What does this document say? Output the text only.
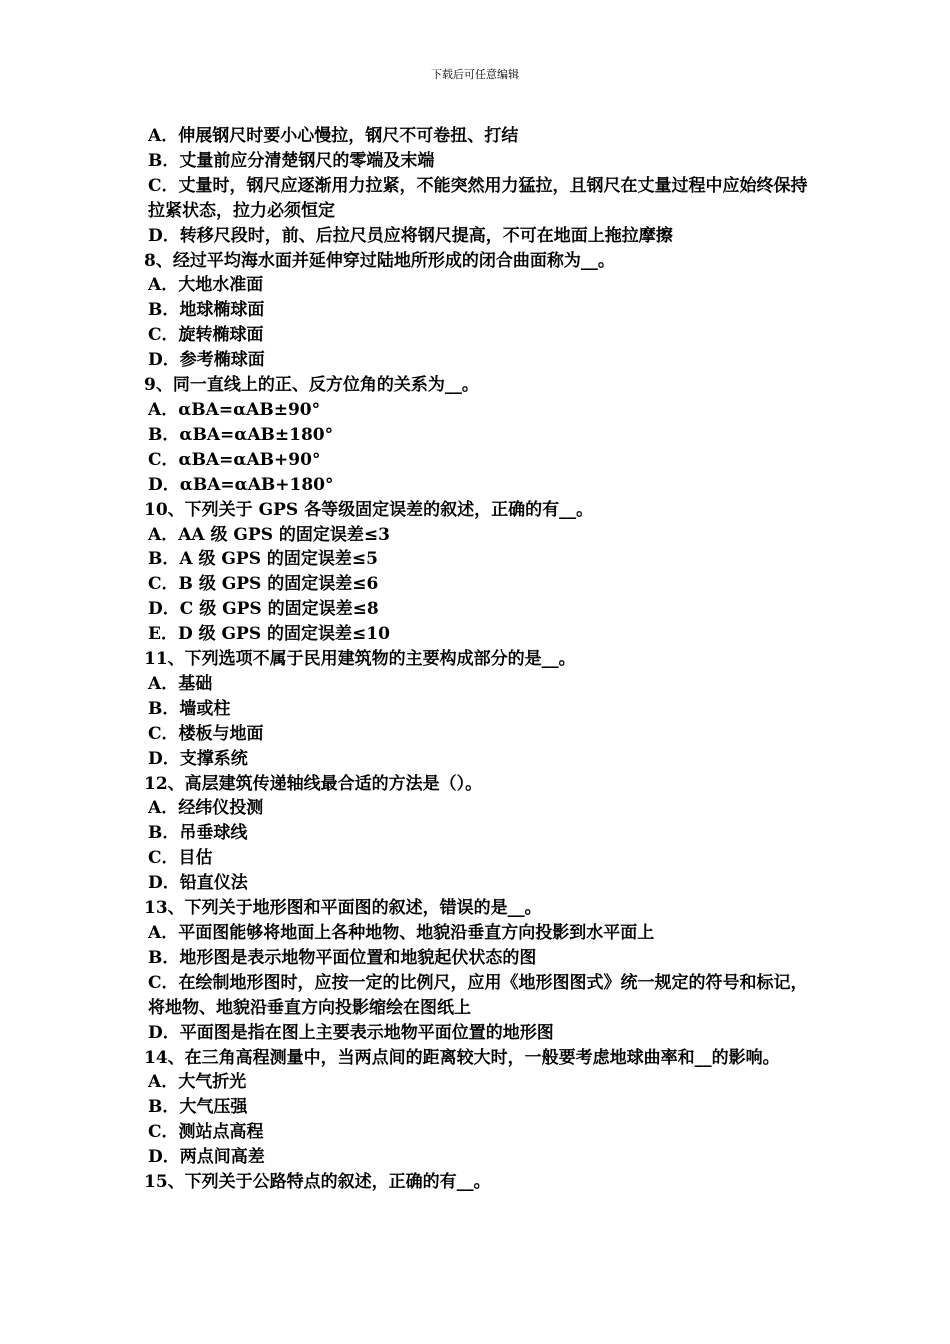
下载后可任意编辑
A．伸展钢尺时要小心慢拉，钢尺不可卷扭、打结
B．丈量前应分清楚钢尺的零端及末端
C．丈量时，钢尺应逐渐用力拉紧，不能突然用力猛拉，且钢尺在丈量过程中应始终保持拉紧状态，拉力必须恒定
D．转移尺段时，前、后拉尺员应将钢尺提高，不可在地面上拖拉摩擦
8、经过平均海水面并延伸穿过陆地所形成的闭合曲面称为__。
A．大地水准面
B．地球椭球面
C．旋转椭球面
D．参考椭球面
9、同一直线上的正、反方位角的关系为__。
A．αBA=αAB±90°
B．αBA=αAB±180°
C．αBA=αAB+90°
D．αBA=αAB+180°
10、下列关于 GPS 各等级固定误差的叙述，正确的有__。
A．AA 级 GPS 的固定误差≤3
B．A 级 GPS 的固定误差≤5
C．B 级 GPS 的固定误差≤6
D．C 级 GPS 的固定误差≤8
E．D 级 GPS 的固定误差≤10
11、下列选项不属于民用建筑物的主要构成部分的是__。
A．基础
B．墙或柱
C．楼板与地面
D．支撑系统
12、高层建筑传递轴线最合适的方法是（）。
A．经纬仪投测
B．吊垂球线
C．目估
D．铅直仪法
13、下列关于地形图和平面图的叙述，错误的是__。
A．平面图能够将地面上各种地物、地貌沿垂直方向投影到水平面上
B．地形图是表示地物平面位置和地貌起伏状态的图
C．在绘制地形图时，应按一定的比例尺，应用《地形图图式》统一规定的符号和标记，将地物、地貌沿垂直方向投影缩绘在图纸上
D．平面图是指在图上主要表示地物平面位置的地形图
14、在三角高程测量中，当两点间的距离较大时，一般要考虑地球曲率和__的影响。
A．大气折光
B．大气压强
C．测站点高程
D．两点间高差
15、下列关于公路特点的叙述，正确的有__。
